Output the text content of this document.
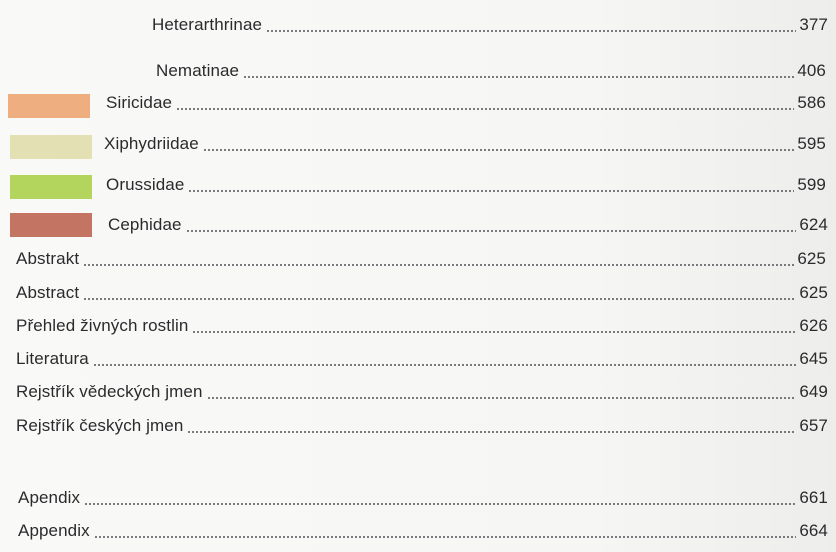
Heterarthrinae	377
Nematinae	406
Siricidae	586
Xiphydriidae	595
Orussidae	599
Cephidae	624
Abstrakt	625
Abstract	625
Přehled živných rostlin	626
Literatura	645
Rejstřík vědeckých jmen	649
Rejstřík českých jmen	657
Apendix	661
Appendix	664
